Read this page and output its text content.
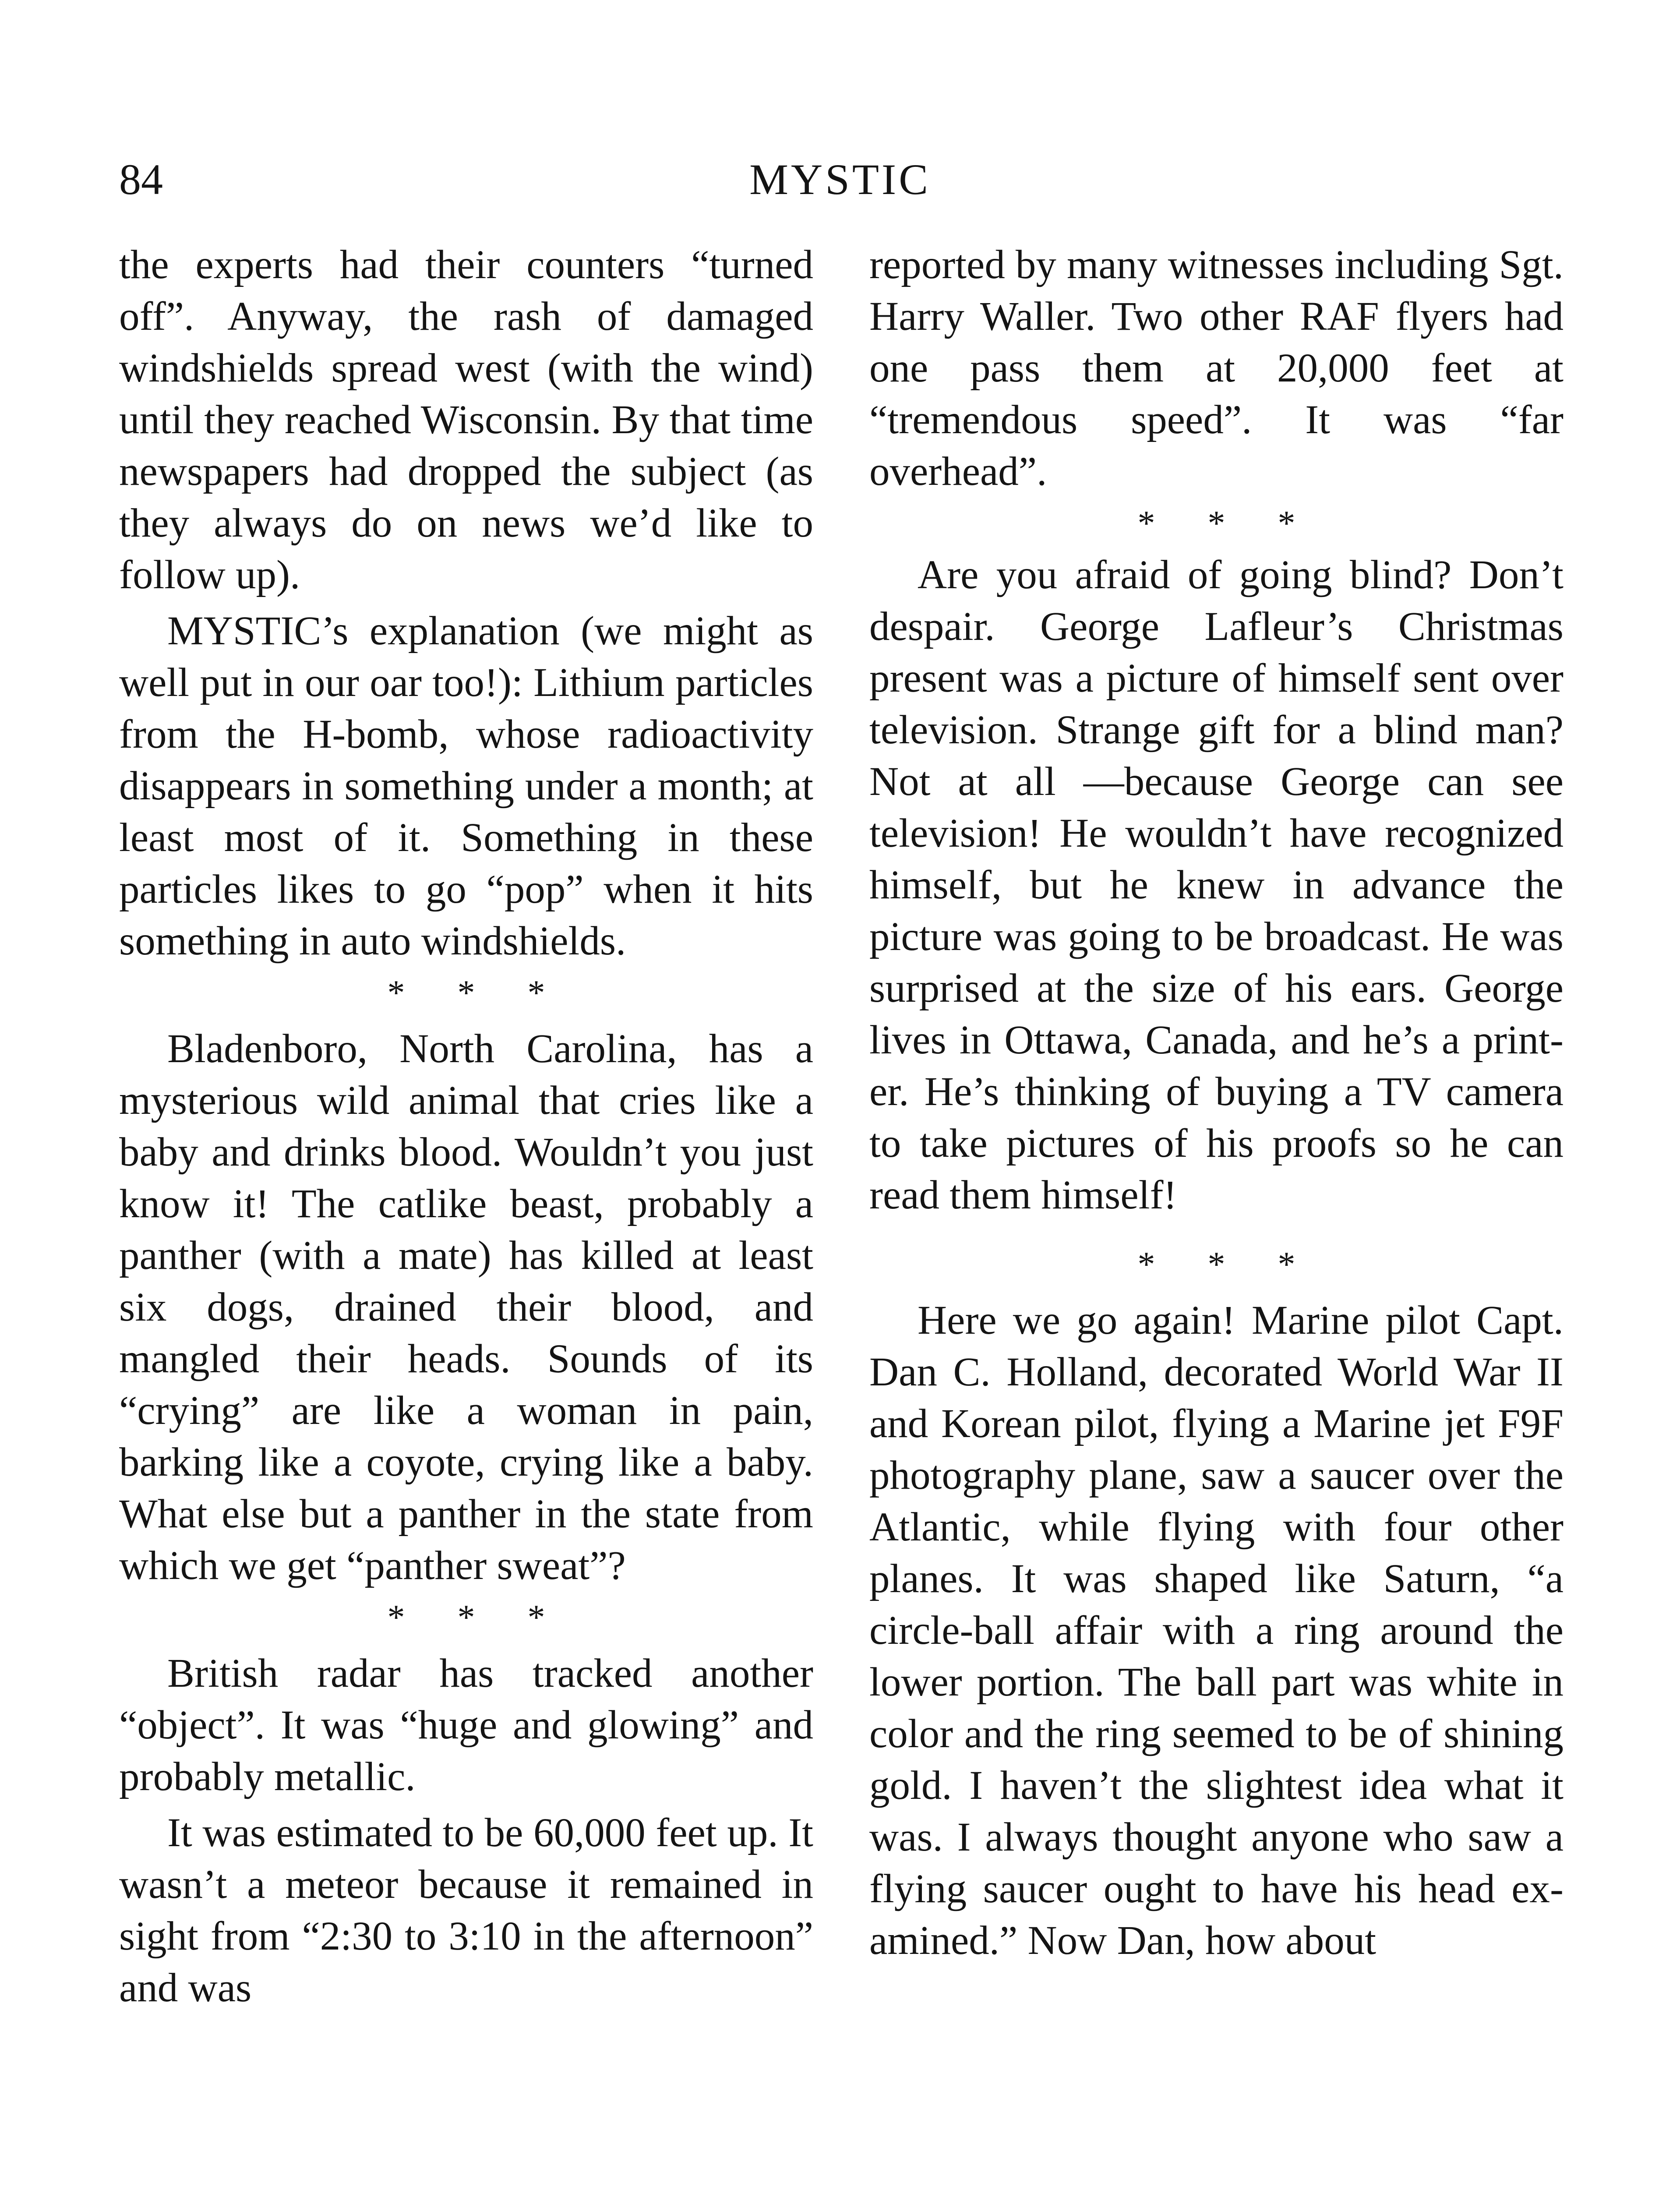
84	MYSTIC

the experts had their counters “turned off”. Anyway, the rash of damaged windshields spread west (with the wind) until they reached Wisconsin. By that time newspapers had dropped the subject (as they always do on news we’d like to follow up).

MYSTIC’s explanation (we might as well put in our oar too!): Lithium particles from the H-bomb, whose radioactivity disappears in something under a month; at least most of it. Something in these particles likes to go “pop” when it hits something in auto windshields.

* * *

Bladenboro, North Carolina, has a mysterious wild animal that cries like a baby and drinks blood. Wouldn’t you just know it! The catlike beast, probably a panther (with a mate) has killed at least six dogs, drained their blood, and mangled their heads. Sounds of its “crying” are like a woman in pain, barking like a coyote, crying like a baby. What else but a panther in the state from which we get “panther sweat”?

* * *

British radar has tracked another “object”. It was “huge and glowing” and probably metallic.

It was estimated to be 60,000 feet up. It wasn’t a meteor because it remained in sight from “2:30 to 3:10 in the afternoon” and was

reported by many witnesses including Sgt. Harry Waller. Two other RAF flyers had one pass them at 20,000 feet at “tremendous speed”. It was “far overhead”.

* * *

Are you afraid of going blind? Don’t despair. George Lafleur’s Christmas present was a picture of himself sent over television. Strange gift for a blind man? Not at all —because George can see television! He wouldn’t have recognized himself, but he knew in advance the picture was going to be broadcast. He was surprised at the size of his ears. George lives in Ottawa, Canada, and he’s a printer. He’s thinking of buying a TV camera to take pictures of his proofs so he can read them himself!

* * *

Here we go again! Marine pilot Capt. Dan C. Holland, decorated World War II and Korean pilot, flying a Marine jet F9F photography plane, saw a saucer over the Atlantic, while flying with four other planes. It was shaped like Saturn, “a circle-ball affair with a ring around the lower portion. The ball part was white in color and the ring seemed to be of shining gold. I haven’t the slightest idea what it was. I always thought anyone who saw a flying saucer ought to have his head examined.” Now Dan, how about
